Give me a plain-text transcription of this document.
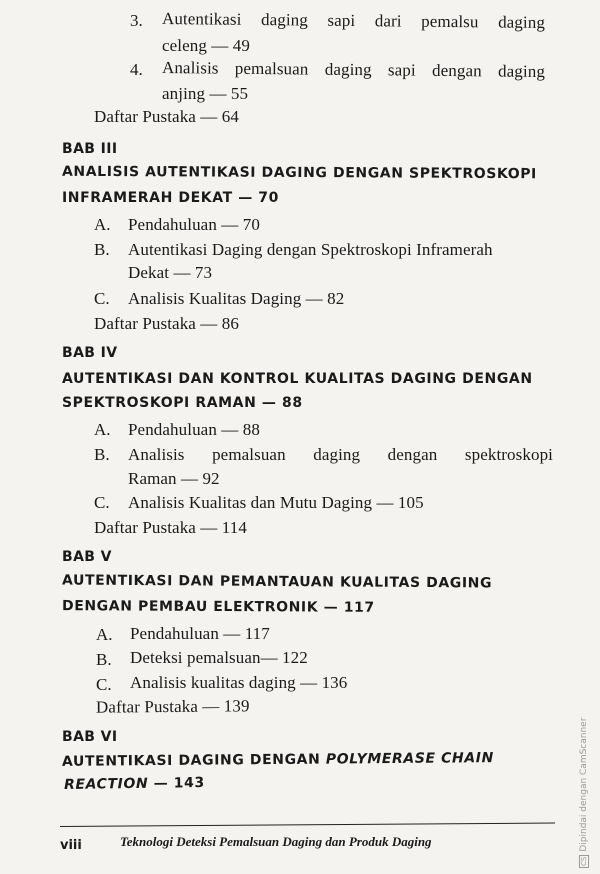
3. Autentikasi daging sapi dari pemalsu daging
celeng — 49
4. Analisis pemalsuan daging sapi dengan daging
anjing — 55
Daftar Pustaka — 64
BAB III
ANALISIS AUTENTIKASI DAGING DENGAN SPEKTROSKOPI
INFRAMERAH DEKAT — 70
A. Pendahuluan — 70
B. Autentikasi Daging dengan Spektroskopi Inframerah
Dekat — 73
C. Analisis Kualitas Daging — 82
Daftar Pustaka — 86
BAB IV
AUTENTIKASI DAN KONTROL KUALITAS DAGING DENGAN
SPEKTROSKOPI RAMAN — 88
A. Pendahuluan — 88
B. Analisis pemalsuan daging dengan spektroskopi
Raman — 92
C. Analisis Kualitas dan Mutu Daging — 105
Daftar Pustaka — 114
BAB V
AUTENTIKASI DAN PEMANTAUAN KUALITAS DAGING
DENGAN PEMBAU ELEKTRONIK — 117
A. Pendahuluan — 117
B. Deteksi pemalsuan— 122
C. Analisis kualitas daging — 136
Daftar Pustaka — 139
BAB VI
AUTENTIKASI DAGING DENGAN POLYMERASE CHAIN
REACTION — 143
viii	Teknologi Deteksi Pemalsuan Daging dan Produk Daging
CSDipindai dengan CamScanner
